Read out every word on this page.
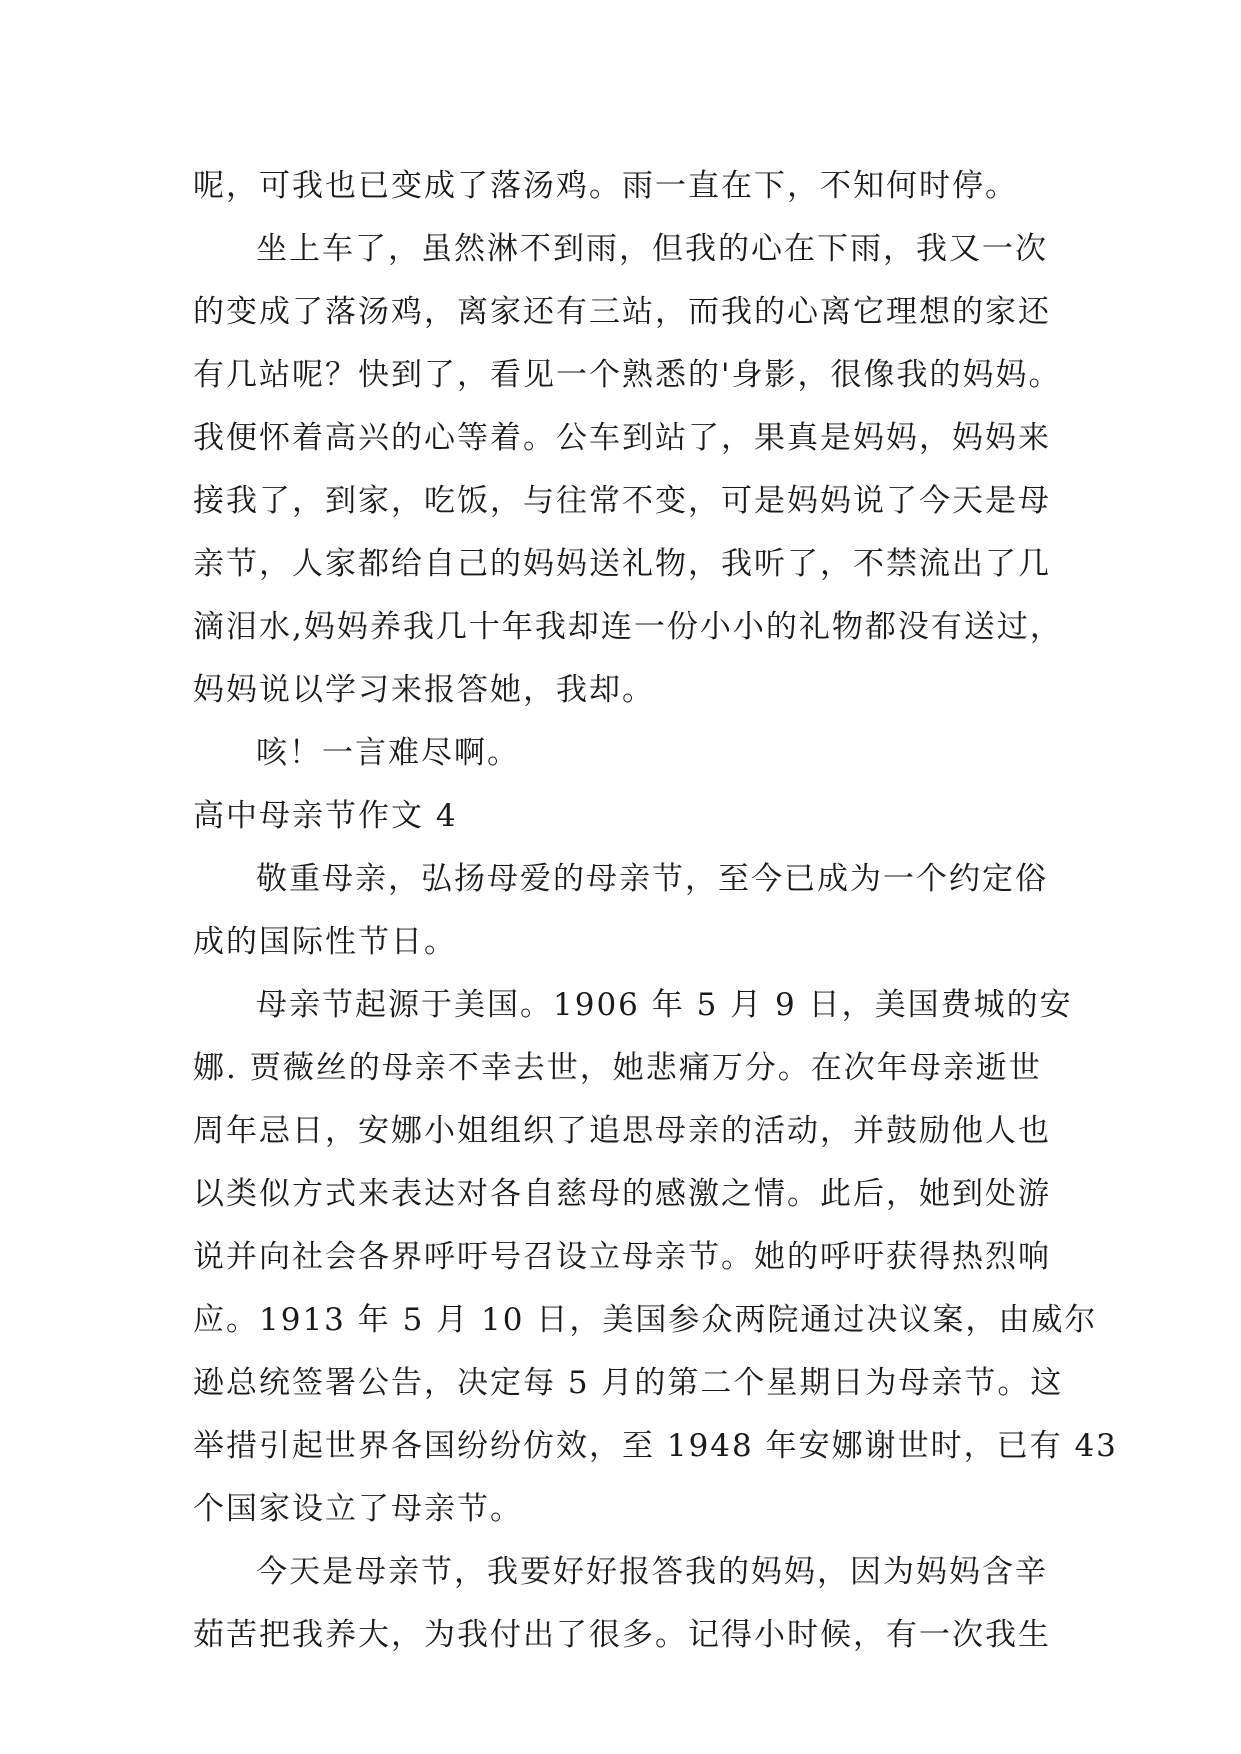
呢，可我也已变成了落汤鸡。雨一直在下，不知何时停。
坐上车了，虽然淋不到雨，但我的心在下雨，我又一次
的变成了落汤鸡，离家还有三站，而我的心离它理想的家还
有几站呢？快到了，看见一个熟悉的'身影，很像我的妈妈。
我便怀着高兴的心等着。公车到站了，果真是妈妈，妈妈来
接我了，到家，吃饭，与往常不变，可是妈妈说了今天是母
亲节，人家都给自己的妈妈送礼物，我听了，不禁流出了几
滴泪水,妈妈养我几十年我却连一份小小的礼物都没有送过，
妈妈说以学习来报答她，我却。
咳！一言难尽啊。
高中母亲节作文 4
敬重母亲，弘扬母爱的母亲节，至今已成为一个约定俗
成的国际性节日。
母亲节起源于美国。1906 年 5 月 9 日，美国费城的安
娜. 贾薇丝的母亲不幸去世，她悲痛万分。在次年母亲逝世
周年忌日，安娜小姐组织了追思母亲的活动，并鼓励他人也
以类似方式来表达对各自慈母的感激之情。此后，她到处游
说并向社会各界呼吁号召设立母亲节。她的呼吁获得热烈响
应。1913 年 5 月 10 日，美国参众两院通过决议案，由威尔
逊总统签署公告，决定每 5 月的第二个星期日为母亲节。这
举措引起世界各国纷纷仿效，至 1948 年安娜谢世时，已有 43
个国家设立了母亲节。
今天是母亲节，我要好好报答我的妈妈，因为妈妈含辛
茹苦把我养大，为我付出了很多。记得小时候，有一次我生
